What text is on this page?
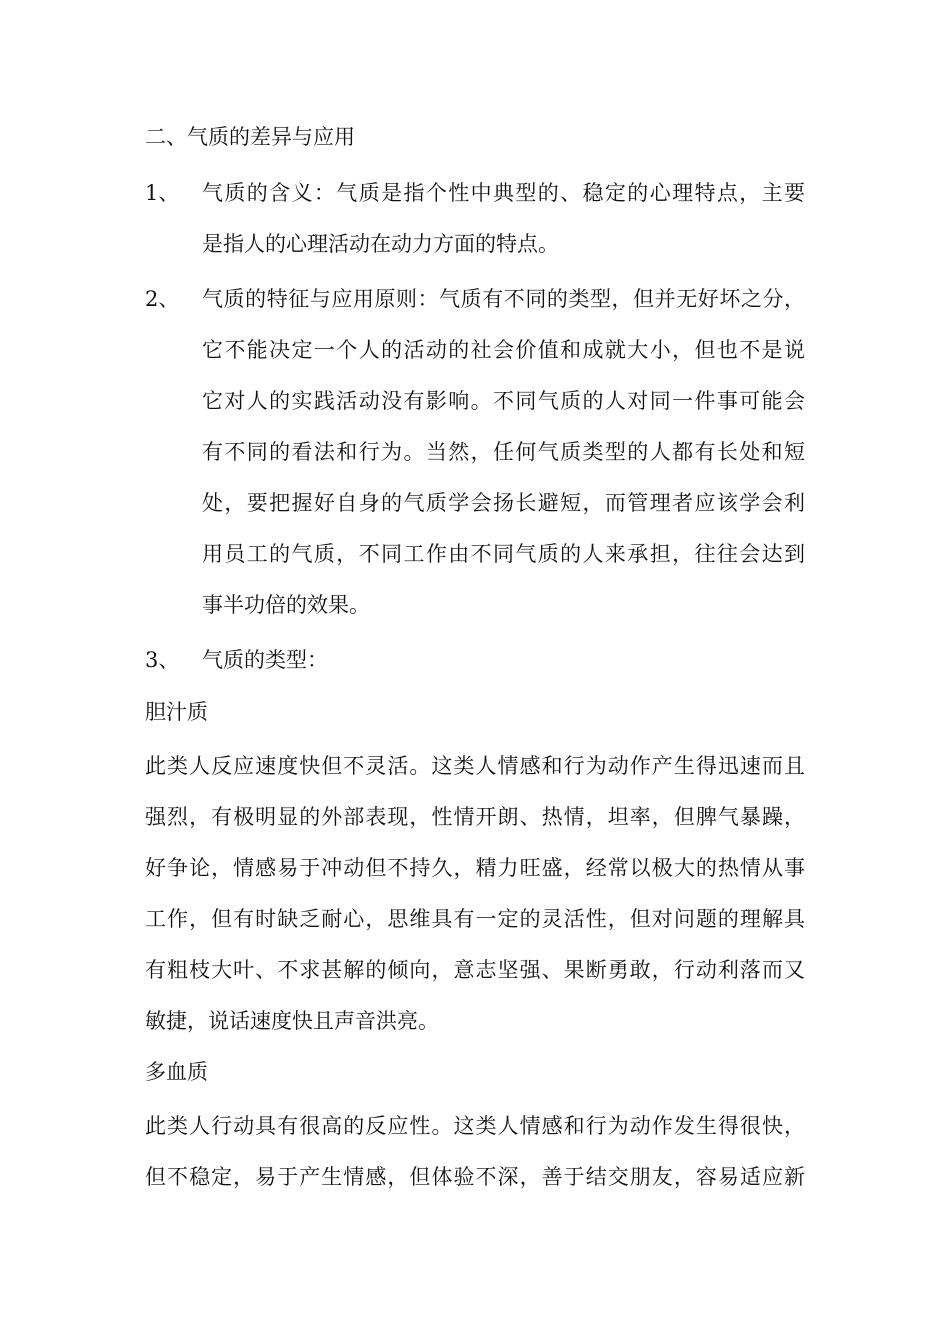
二、气质的差异与应用
1、 气质的含义：气质是指个性中典型的、稳定的心理特点，主要
是指人的心理活动在动力方面的特点。
2、 气质的特征与应用原则：气质有不同的类型，但并无好坏之分，
它不能决定一个人的活动的社会价值和成就大小，但也不是说
它对人的实践活动没有影响。不同气质的人对同一件事可能会
有不同的看法和行为。当然，任何气质类型的人都有长处和短
处，要把握好自身的气质学会扬长避短，而管理者应该学会利
用员工的气质，不同工作由不同气质的人来承担，往往会达到
事半功倍的效果。
3、 气质的类型：
胆汁质
此类人反应速度快但不灵活。这类人情感和行为动作产生得迅速而且
强烈，有极明显的外部表现，性情开朗、热情，坦率，但脾气暴躁，
好争论，情感易于冲动但不持久，精力旺盛，经常以极大的热情从事
工作，但有时缺乏耐心，思维具有一定的灵活性，但对问题的理解具
有粗枝大叶、不求甚解的倾向，意志坚强、果断勇敢，行动利落而又
敏捷，说话速度快且声音洪亮。
多血质
此类人行动具有很高的反应性。这类人情感和行为动作发生得很快，
但不稳定，易于产生情感，但体验不深，善于结交朋友，容易适应新
